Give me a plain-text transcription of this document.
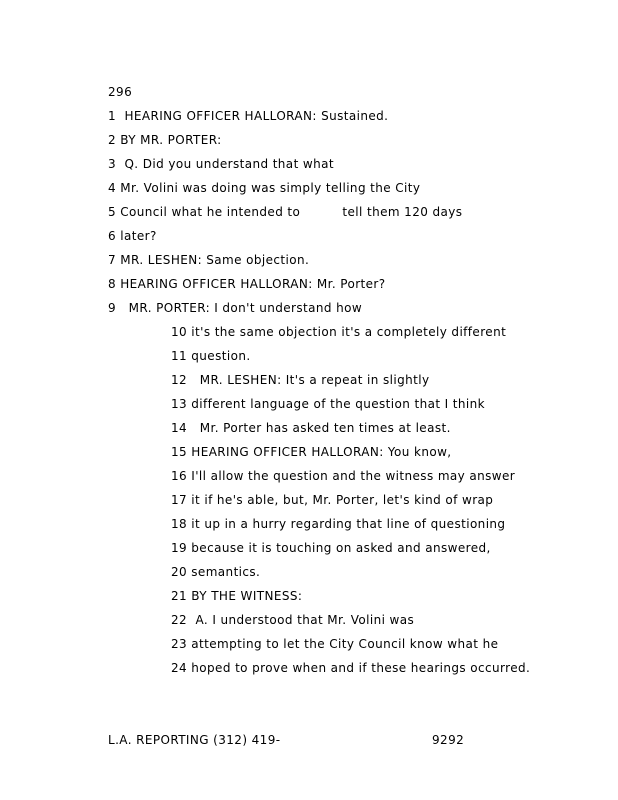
296
1  HEARING OFFICER HALLORAN: Sustained.
2 BY MR. PORTER:
3  Q. Did you understand that what
4 Mr. Volini was doing was simply telling the City
5 Council what he intended to          tell them 120 days
6 later?
7 MR. LESHEN: Same objection.
8 HEARING OFFICER HALLORAN: Mr. Porter?
9   MR. PORTER: I don't understand how
10 it's the same objection it's a completely different
11 question.
12   MR. LESHEN: It's a repeat in slightly
13 different language of the question that I think
14   Mr. Porter has asked ten times at least.
15 HEARING OFFICER HALLORAN: You know,
16 I'll allow the question and the witness may answer
17 it if he's able, but, Mr. Porter, let's kind of wrap
18 it up in a hurry regarding that line of questioning
19 because it is touching on asked and answered,
20 semantics.
21 BY THE WITNESS:
22  A. I understood that Mr. Volini was
23 attempting to let the City Council know what he
24 hoped to prove when and if these hearings occurred.
L.A. REPORTING (312) 419-	9292
